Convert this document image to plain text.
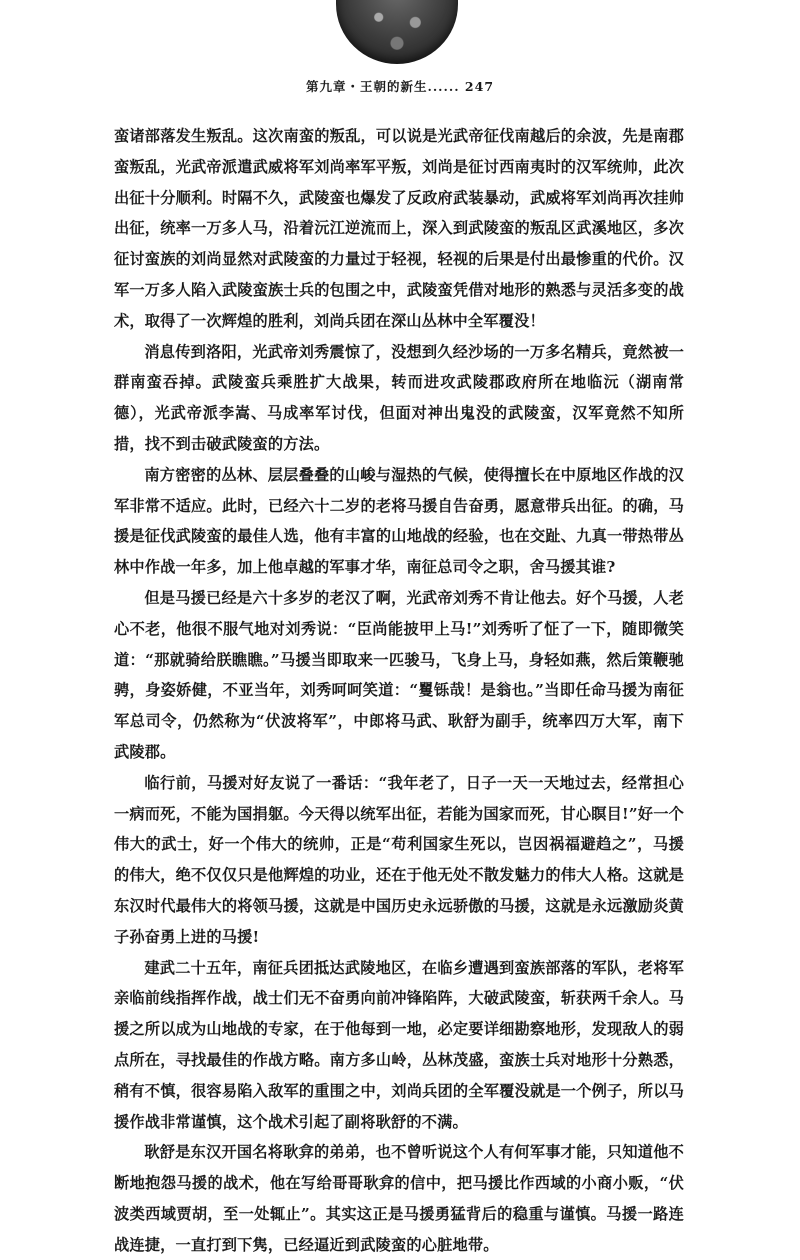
第九章・王朝的新生...... 247

蛮诸部落发生叛乱。这次南蛮的叛乱，可以说是光武帝征伐南越后的余波，先是南郡蛮叛乱，光武帝派遣武威将军刘尚率军平叛，刘尚是征讨西南夷时的汉军统帅，此次出征十分顺利。时隔不久，武陵蛮也爆发了反政府武装暴动，武威将军刘尚再次挂帅出征，统率一万多人马，沿着沅江逆流而上，深入到武陵蛮的叛乱区武溪地区，多次征讨蛮族的刘尚显然对武陵蛮的力量过于轻视，轻视的后果是付出最惨重的代价。汉军一万多人陷入武陵蛮族士兵的包围之中，武陵蛮凭借对地形的熟悉与灵活多变的战术，取得了一次辉煌的胜利，刘尚兵团在深山丛林中全军覆没！

消息传到洛阳，光武帝刘秀震惊了，没想到久经沙场的一万多名精兵，竟然被一群南蛮吞掉。武陵蛮兵乘胜扩大战果，转而进攻武陵郡政府所在地临沅（湖南常德），光武帝派李嵩、马成率军讨伐，但面对神出鬼没的武陵蛮，汉军竟然不知所措，找不到击破武陵蛮的方法。

南方密密的丛林、层层叠叠的山峻与湿热的气候，使得擅长在中原地区作战的汉军非常不适应。此时，已经六十二岁的老将马援自告奋勇，愿意带兵出征。的确，马援是征伐武陵蛮的最佳人选，他有丰富的山地战的经验，也在交趾、九真一带热带丛林中作战一年多，加上他卓越的军事才华，南征总司令之职，舍马援其谁?

但是马援已经是六十多岁的老汉了啊，光武帝刘秀不肯让他去。好个马援，人老心不老，他很不服气地对刘秀说：“臣尚能披甲上马!”刘秀听了怔了一下，随即微笑道：“那就骑给朕瞧瞧。”马援当即取来一匹骏马，飞身上马，身轻如燕，然后策鞭驰骋，身姿娇健，不亚当年，刘秀呵呵笑道：“矍铄哉！是翁也。”当即任命马援为南征军总司令，仍然称为“伏波将军”，中郎将马武、耿舒为副手，统率四万大军，南下武陵郡。

临行前，马援对好友说了一番话：“我年老了，日子一天一天地过去，经常担心一病而死，不能为国捐躯。今天得以统军出征，若能为国家而死，甘心瞑目!”好一个伟大的武士，好一个伟大的统帅，正是“苟利国家生死以，岂因祸福避趋之”，马援的伟大，绝不仅仅只是他辉煌的功业，还在于他无处不散发魅力的伟大人格。这就是东汉时代最伟大的将领马援，这就是中国历史永远骄傲的马援，这就是永远激励炎黄子孙奋勇上进的马援!

建武二十五年，南征兵团抵达武陵地区，在临乡遭遇到蛮族部落的军队，老将军亲临前线指挥作战，战士们无不奋勇向前冲锋陷阵，大破武陵蛮，斩获两千余人。马援之所以成为山地战的专家，在于他每到一地，必定要详细勘察地形，发现敌人的弱点所在，寻找最佳的作战方略。南方多山岭，丛林茂盛，蛮族士兵对地形十分熟悉，稍有不慎，很容易陷入敌军的重围之中，刘尚兵团的全军覆没就是一个例子，所以马援作战非常谨慎，这个战术引起了副将耿舒的不满。

耿舒是东汉开国名将耿弇的弟弟，也不曾听说这个人有何军事才能，只知道他不断地抱怨马援的战术，他在写给哥哥耿弇的信中，把马援比作西域的小商小贩，“伏波类西域贾胡，至一处辄止”。其实这正是马援勇猛背后的稳重与谨慎。马援一路连战连捷，一直打到下隽，已经逼近到武陵蛮的心脏地带。
